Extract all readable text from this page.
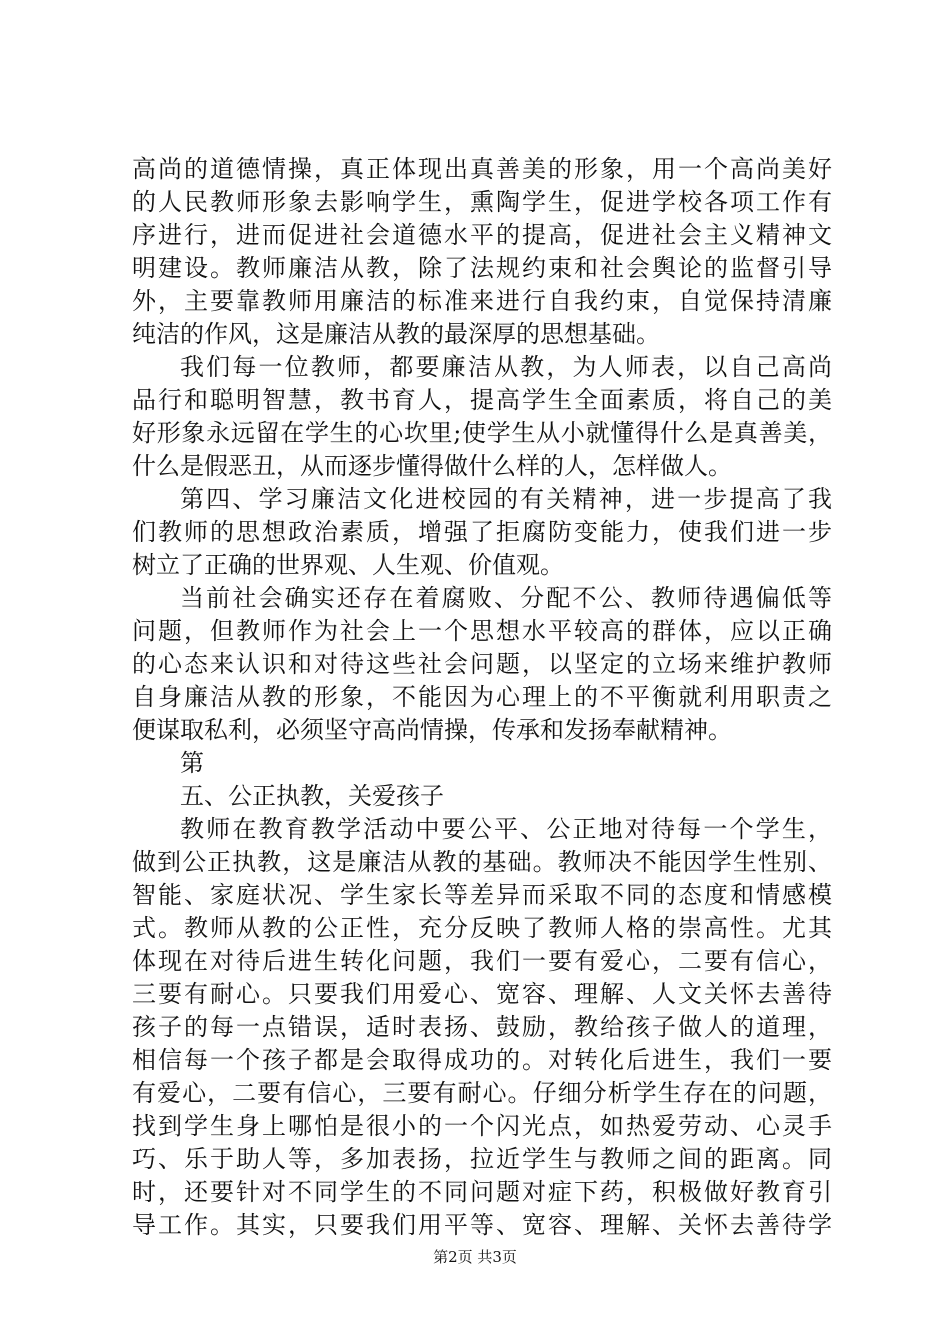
高尚的道德情操，真正体现出真善美的形象，用一个高尚美好
的人民教师形象去影响学生，熏陶学生，促进学校各项工作有
序进行，进而促进社会道德水平的提高，促进社会主义精神文
明建设。教师廉洁从教，除了法规约束和社会舆论的监督引导
外，主要靠教师用廉洁的标准来进行自我约束，自觉保持清廉
纯洁的作风，这是廉洁从教的最深厚的思想基础。
我们每一位教师，都要廉洁从教，为人师表，以自己高尚
品行和聪明智慧，教书育人，提高学生全面素质，将自己的美
好形象永远留在学生的心坎里;使学生从小就懂得什么是真善美，
什么是假恶丑，从而逐步懂得做什么样的人，怎样做人。
第四、学习廉洁文化进校园的有关精神，进一步提高了我
们教师的思想政治素质，增强了拒腐防变能力，使我们进一步
树立了正确的世界观、人生观、价值观。
当前社会确实还存在着腐败、分配不公、教师待遇偏低等
问题，但教师作为社会上一个思想水平较高的群体，应以正确
的心态来认识和对待这些社会问题，以坚定的立场来维护教师
自身廉洁从教的形象，不能因为心理上的不平衡就利用职责之
便谋取私利，必须坚守高尚情操，传承和发扬奉献精神。
第
五、公正执教，关爱孩子
教师在教育教学活动中要公平、公正地对待每一个学生，
做到公正执教，这是廉洁从教的基础。教师决不能因学生性别、
智能、家庭状况、学生家长等差异而采取不同的态度和情感模
式。教师从教的公正性，充分反映了教师人格的崇高性。尤其
体现在对待后进生转化问题，我们一要有爱心，二要有信心，
三要有耐心。只要我们用爱心、宽容、理解、人文关怀去善待
孩子的每一点错误，适时表扬、鼓励，教给孩子做人的道理，
相信每一个孩子都是会取得成功的。对转化后进生，我们一要
有爱心，二要有信心，三要有耐心。仔细分析学生存在的问题，
找到学生身上哪怕是很小的一个闪光点，如热爱劳动、心灵手
巧、乐于助人等，多加表扬，拉近学生与教师之间的距离。同
时，还要针对不同学生的不同问题对症下药，积极做好教育引
导工作。其实，只要我们用平等、宽容、理解、关怀去善待学
第2页 共3页
